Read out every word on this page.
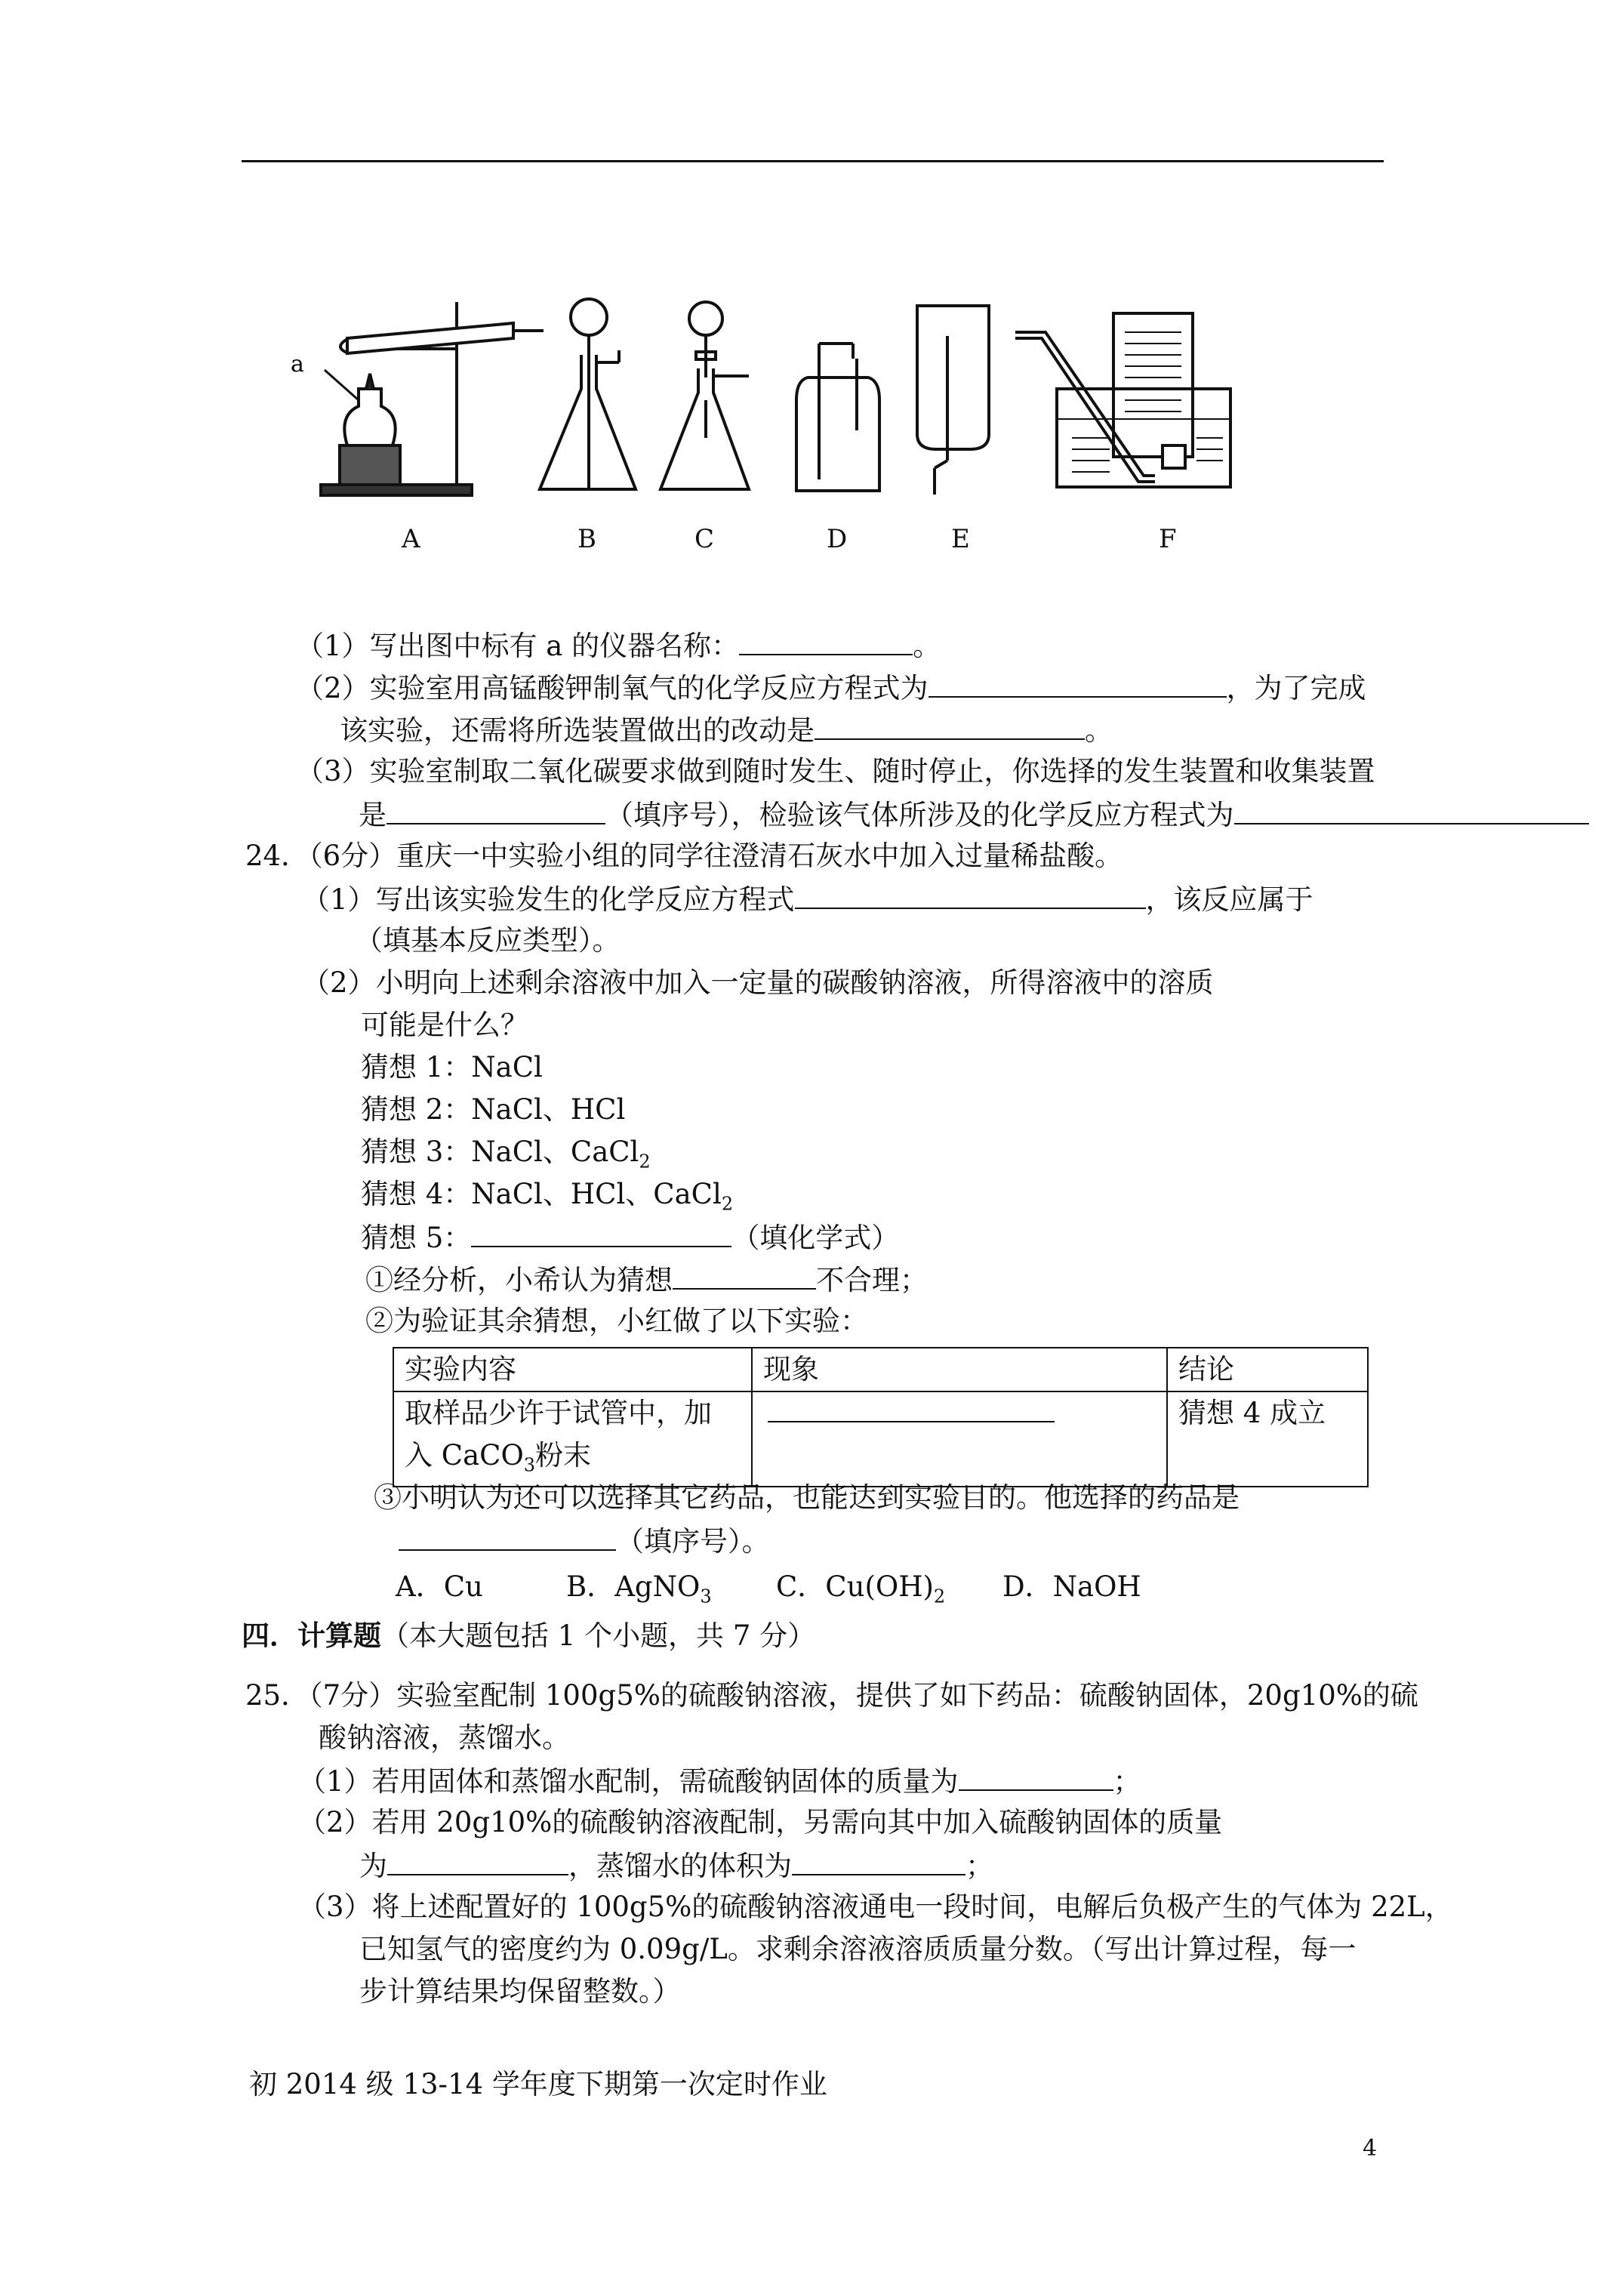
a
A	B	C	D	E	F
（1）写出图中标有 a 的仪器名称：	。
（2）实验室用高锰酸钾制氧气的化学反应方程式为	，为了完成
该实验，还需将所选装置做出的改动是	。
（3）实验室制取二氧化碳要求做到随时发生、随时停止，你选择的发生装置和收集装置
是	（填序号），检验该气体所涉及的化学反应方程式为
24．（6分）重庆一中实验小组的同学往澄清石灰水中加入过量稀盐酸。
（1）写出该实验发生的化学反应方程式	，该反应属于
（填基本反应类型）。
（2）小明向上述剩余溶液中加入一定量的碳酸钠溶液，所得溶液中的溶质
可能是什么？
猜想 1：NaCl
猜想 2：NaCl、HCl
猜想 3：NaCl、CaCl$_2$
猜想 4：NaCl、HCl、CaCl$_2$
猜想 5：	（填化学式）
①经分析，小希认为猜想	不合理；
②为验证其余猜想，小红做了以下实验：
实验内容	现象	结论

取样品少许于试管中，加
入 CaCO$_3$粉末		猜想 4 成立
③小明认为还可以选择其它药品，也能达到实验目的。他选择的药品是
（填序号）。
A．Cu	B．AgNO$_3$ C．$Cu(OH)_2$ D．NaOH
四．计算题（本大题包括 1 个小题，共 7 分）
25．（7分）实验室配制 100g5%的硫酸钠溶液，提供了如下药品：硫酸钠固体，20g10%的硫
酸钠溶液，蒸馏水。
（1）若用固体和蒸馏水配制，需硫酸钠固体的质量为	；
（2）若用 20g10%的硫酸钠溶液配制，另需向其中加入硫酸钠固体的质量
为	，蒸馏水的体积为	；
（3）将上述配置好的 100g5%的硫酸钠溶液通电一段时间，电解后负极产生的气体为 22L，
已知氢气的密度约为 0.09g/L。求剩余溶液溶质质量分数。（写出计算过程，每一
步计算结果均保留整数。）
初 2014 级 13-14 学年度下期第一次定时作业
4
